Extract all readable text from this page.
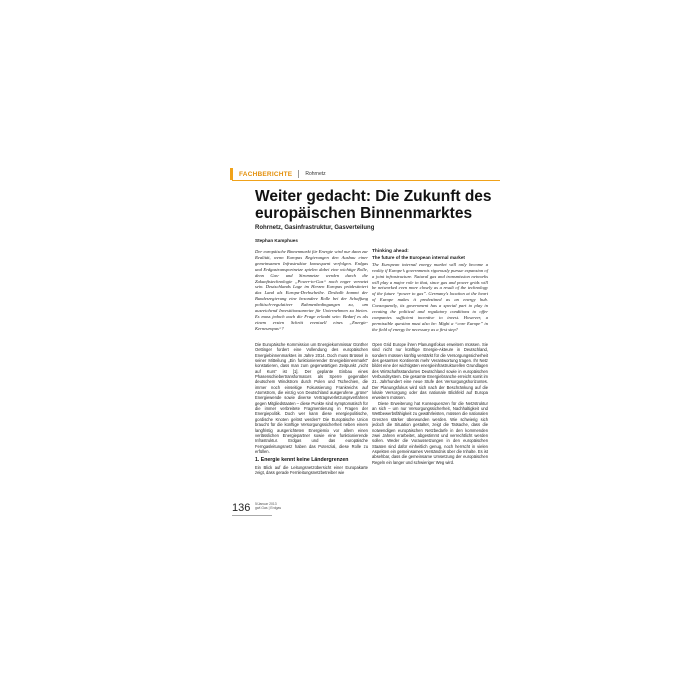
FACHBERICHTE	Rohrnetz
Weiter gedacht: Die Zukunft des europäischen Binnenmarktes
Rohrnetz, Gasinfrastruktur, Gasverteilung
Stephan Kamphues
Der europäische Binnenmarkt für Energie wird nur dann zur Realität, wenn Europas Regierungen den Ausbau einer gemeinsamen Infrastruktur konsequent verfolgen. Erdgas und Erdgastransportnetze spielen dabei eine wichtige Rolle, denn Gas- und Stromnetze werden durch die Zukunftstechnologie „Power-to-Gas“ noch enger vernetzt sein. Deutschlands Lage im Herzen Europas prädestiniert das Land als Europa-Drehscheibe. Deshalb kommt der Bundesregierung eine besondere Rolle bei der Schaffung politisch-regulativer Rahmenbedingungen zu, um ausreichend Investitionsanreize für Unternehmen zu bieten. Es muss jedoch auch die Frage erlaubt sein: Bedarf es als einem ersten Schritt eventuell eines „Energie-Kerneuropas“?
Thinking ahead:
The future of the European internal market
The European internal energy market will only become a reality if Europe’s governments rigorously pursue expansion of a joint infrastructure. Natural gas and transmission networks will play a major role in that, since gas and power grids will be networked even more closely as a result of the technology of the future “power to gas”. Germany’s location at the heart of Europe makes it predestined as an energy hub. Consequently, its government has a special part to play in creating the political and regulatory conditions to offer companies sufficient incentive to invest. However, a permissible question must also be: Might a “core Europe” in the field of energy be necessary as a first step?

Die Europäische Kommission um Energiekommissar Günther Oettinger fordert eine Vollendung des europäischen Energiebinnenmarktes im Jahre 2014. Doch muss Brüssel in seiner Mitteilung „Ein funktionierender Energiebinnenmarkt“ konstatieren, dass man zum gegenwärtigen Zeitpunkt „nicht auf Kurs“ ist [1]. Der geplante Einbau eines Phasenschiebertransformators als Sperre gegenüber deutschem Windstrom durch Polen und Tschechien, die immer noch einseitige Fokussierung Frankreichs auf Atomstrom, die einzig von Deutschland ausgerufene „grüne“ Energiewende sowie diverse Vertragsverletzungsverfahren gegen Mitgliedstaaten – diese Punkte sind symptomatisch für die immer verbreitete Fragmentierung in Fragen der Energiepolitik. Doch wer kann diese energiepolitische, gordische Knoten gelöst werden? Die Europäische Union braucht für die künftige Versorgungssicherheit neben einem langfristig ausgerichteten Energiemix vor allem einen verlässlichen Energiepartner sowie eine funktionierende Infrastruktur. Erdgas und das europäische Ferngasleitungsnetz haben das Potenzial, diese Rolle zu erfüllen.

1. Energie kennt keine Ländergrenzen

Ein Blick auf die Leitungsnetzübersicht einer Europakarte zeigt, dass gerade Fernleitungsnetzbetreiber wie

Open Grid Europe ihren Planungsfokus erweitern müssen. Sie sind nicht nur künftige Energie-Akteure in Deutschland, sondern müssen künftig verstärkt für die Versorgungssicherheit des gesamten Kontinents mehr Verantwortung tragen. Ihr Netz bildet eine der wichtigsten energieinfrastrukturellen Grundlagen des Wirtschaftsstandortes Deutschland sowie in europäischen Verbundsystem. Die gesamte Energiebranche erreicht somit im 21. Jahrhundert eine neue Stufe des Versorgungshorizontes. Der Planungsfokus wird sich nach der Beschränkung auf die lokale Versorgung oder das nationale Blickfeld auf Europa erweitern müssen.

Diese Erweiterung hat Konsequenzen für die Netzstruktur an sich – um nur Versorgungssicherheit, Nachhaltigkeit und Wettbewerbsfähigkeit zu gewährleisten, müssen die nationalen Grenzen stärker überwunden werden. Wie schwierig sich jedoch die Situation gestaltet, zeigt die Tatsache, dass die notwendigen europäischen Netzbedarfe in den kommenden zwei Jahren erarbeitet, abgestimmt und verrechtlicht werden sollen. Weder die Voraussetzungen in den europäischen Staaten sind dafür einheitlich genug, noch herrscht in vielen Aspekten ein gemeinsames Verständnis über die Inhalte. Es ist absehbar, dass die gemeinsame Umsetzung der europäischen Regeln ein langer und schwieriger Weg wird.

136 5/Januar 2013
gwf-Gas | Erdgas
